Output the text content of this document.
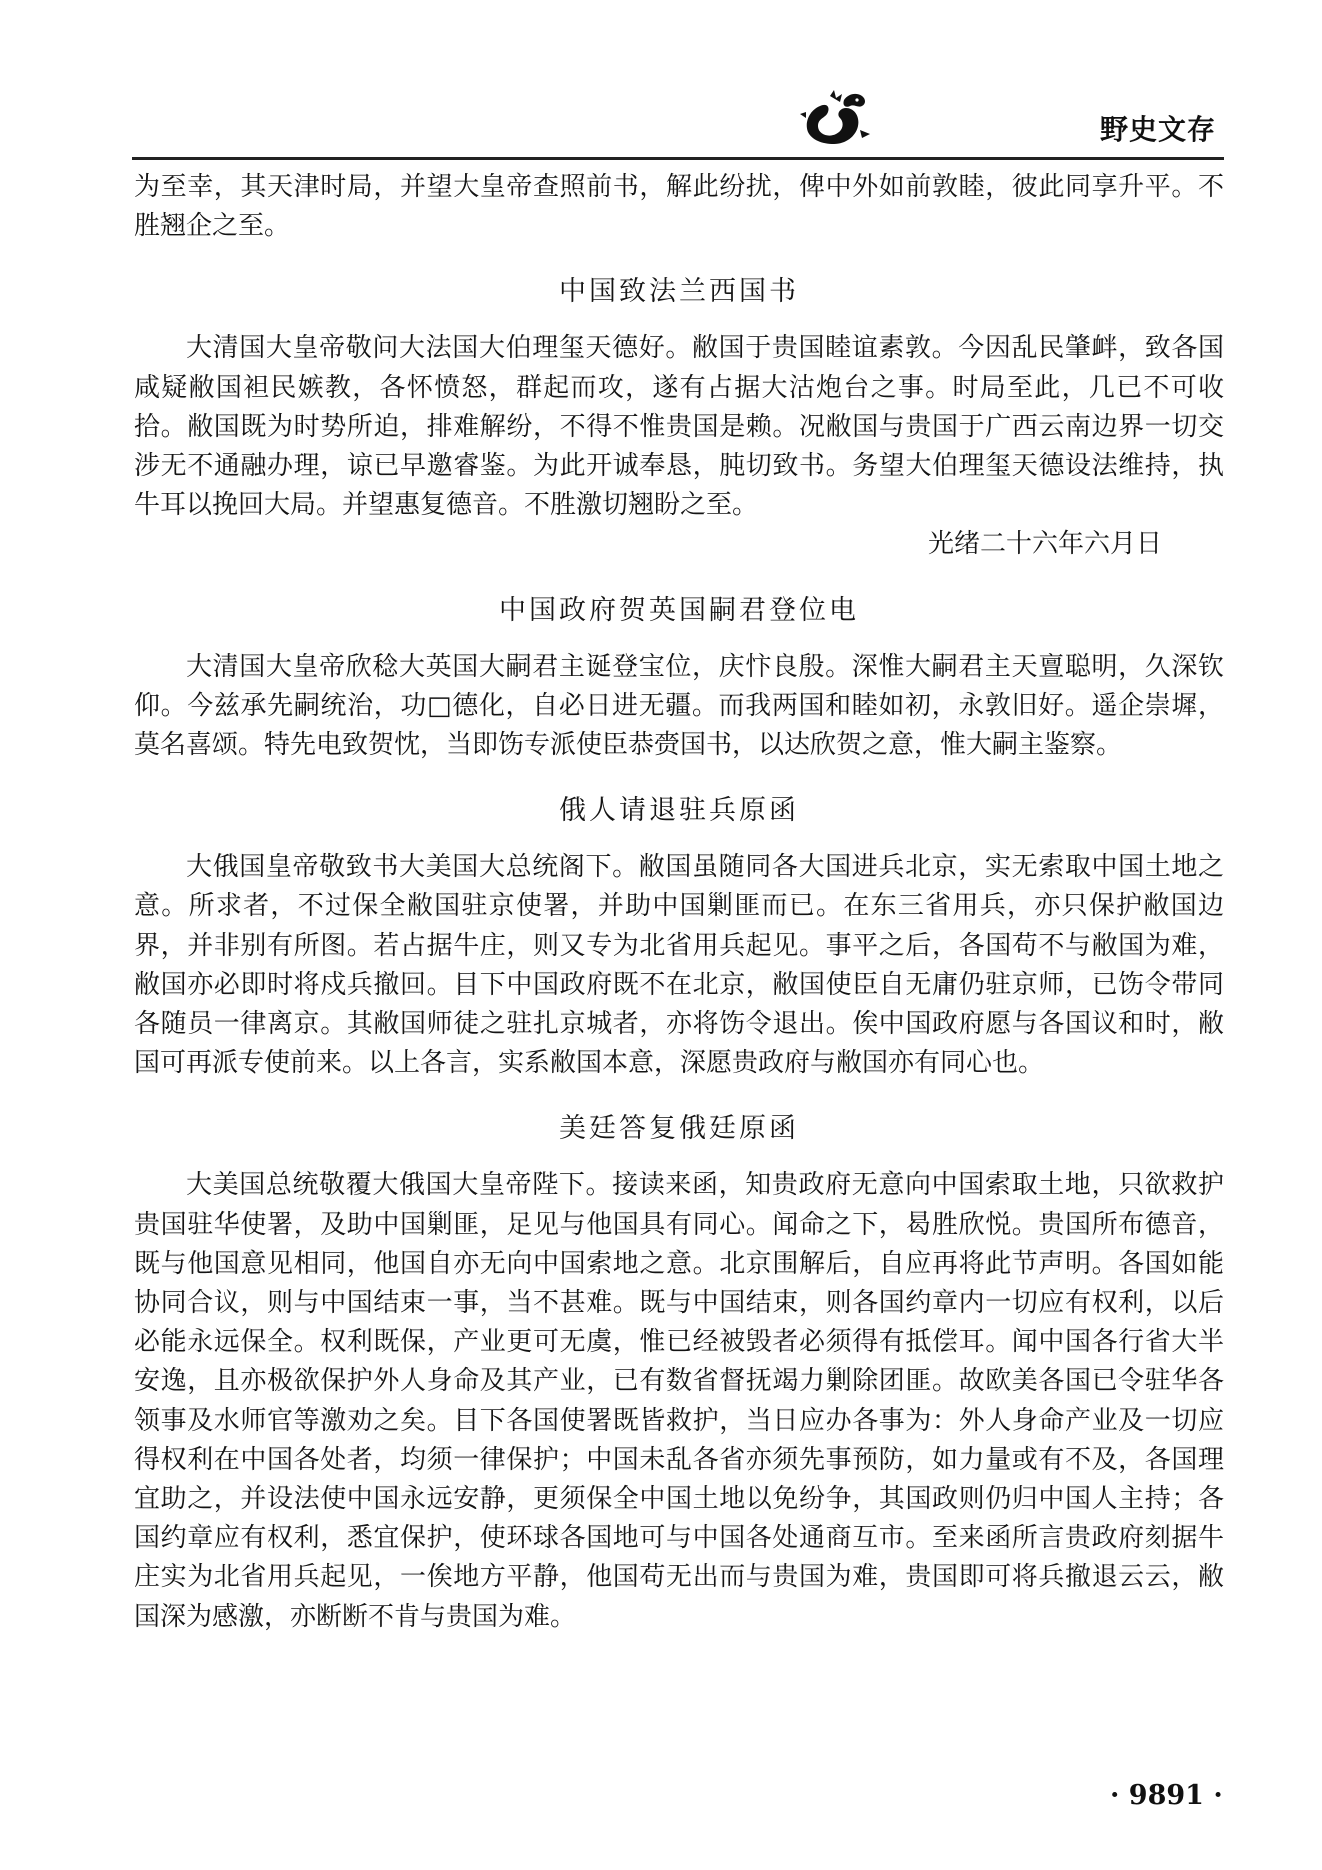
野史文存

为至幸，其天津时局，并望大皇帝查照前书，解此纷扰，俾中外如前敦睦，彼此同享升平。不胜翘企之至。

中国致法兰西国书

大清国大皇帝敬问大法国大伯理玺天德好。敝国于贵国睦谊素敦。今因乱民肇衅，致各国咸疑敝国袒民嫉教，各怀愤怒，群起而攻，遂有占据大沽炮台之事。时局至此，几已不可收拾。敝国既为时势所迫，排难解纷，不得不惟贵国是赖。况敝国与贵国于广西云南边界一切交涉无不通融办理，谅已早邀睿鉴。为此开诚奉恳，肫切致书。务望大伯理玺天德设法维持，执牛耳以挽回大局。并望惠复德音。不胜激切翘盼之至。

光绪二十六年六月日

中国政府贺英国嗣君登位电

大清国大皇帝欣稔大英国大嗣君主诞登宝位，庆忭良殷。深惟大嗣君主天亶聪明，久深钦仰。今兹承先嗣统治，功□德化，自必日进无疆。而我两国和睦如初，永敦旧好。遥企崇墀，莫名喜颂。特先电致贺忱，当即饬专派使臣恭赍国书，以达欣贺之意，惟大嗣主鉴察。

俄人请退驻兵原函

大俄国皇帝敬致书大美国大总统阁下。敝国虽随同各大国进兵北京，实无索取中国土地之意。所求者，不过保全敝国驻京使署，并助中国剿匪而已。在东三省用兵，亦只保护敝国边界，并非别有所图。若占据牛庄，则又专为北省用兵起见。事平之后，各国苟不与敝国为难，敝国亦必即时将戍兵撤回。目下中国政府既不在北京，敝国使臣自无庸仍驻京师，已饬令带同各随员一律离京。其敝国师徒之驻扎京城者，亦将饬令退出。俟中国政府愿与各国议和时，敝国可再派专使前来。以上各言，实系敝国本意，深愿贵政府与敝国亦有同心也。

美廷答复俄廷原函

大美国总统敬覆大俄国大皇帝陛下。接读来函，知贵政府无意向中国索取土地，只欲救护贵国驻华使署，及助中国剿匪，足见与他国具有同心。闻命之下，曷胜欣悦。贵国所布德音，既与他国意见相同，他国自亦无向中国索地之意。北京围解后，自应再将此节声明。各国如能协同合议，则与中国结束一事，当不甚难。既与中国结束，则各国约章内一切应有权利，以后必能永远保全。权利既保，产业更可无虞，惟已经被毁者必须得有抵偿耳。闻中国各行省大半安逸，且亦极欲保护外人身命及其产业，已有数省督抚竭力剿除团匪。故欧美各国已令驻华各领事及水师官等激劝之矣。目下各国使署既皆救护，当日应办各事为：外人身命产业及一切应得权利在中国各处者，均须一律保护；中国未乱各省亦须先事预防，如力量或有不及，各国理宜助之，并设法使中国永远安静，更须保全中国土地以免纷争，其国政则仍归中国人主持；各国约章应有权利，悉宜保护，使环球各国地可与中国各处通商互市。至来函所言贵政府刻据牛庄实为北省用兵起见，一俟地方平静，他国苟无出而与贵国为难，贵国即可将兵撤退云云，敝国深为感激，亦断断不肯与贵国为难。

· 9891 ·
